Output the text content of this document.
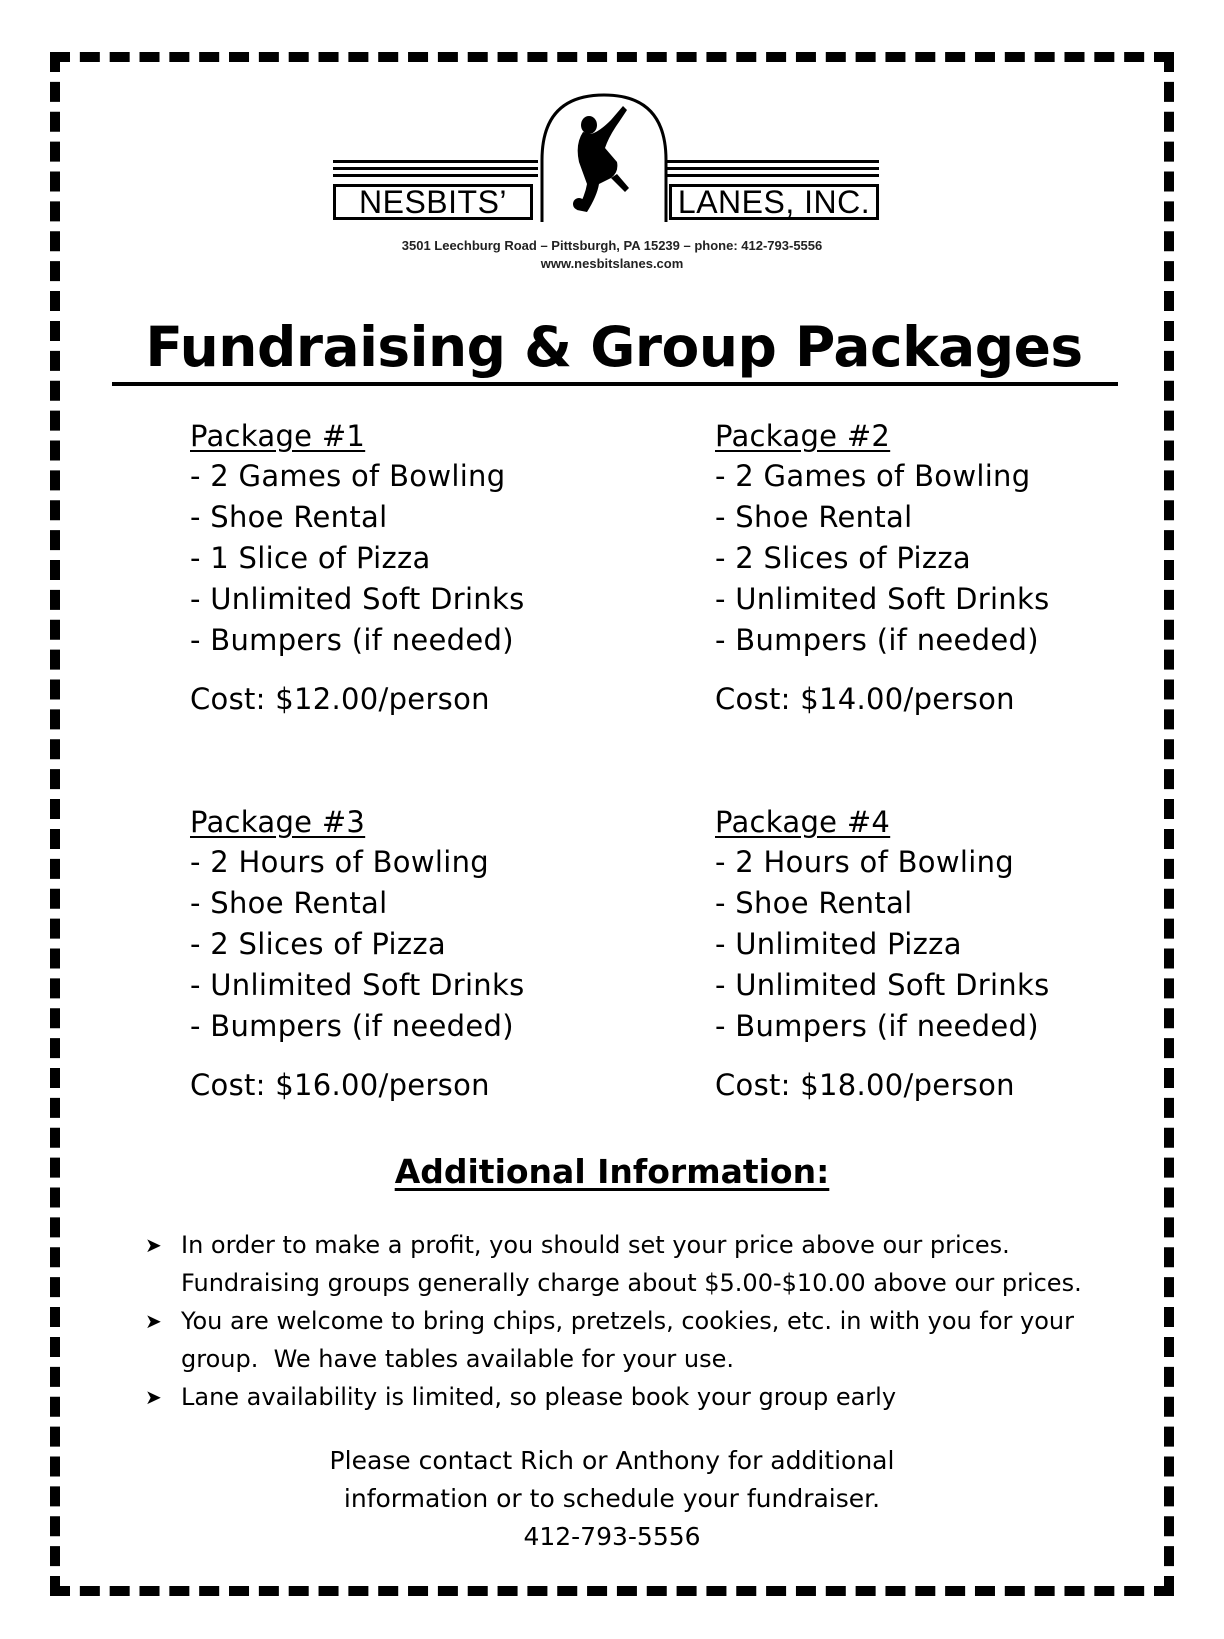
NESBITS’	LANES, INC.
3501 Leechburg Road – Pittsburgh, PA 15239 – phone: 412-793-5556
www.nesbitslanes.com
Fundraising & Group Packages
Package #1
- 2 Games of Bowling
- Shoe Rental
- 1 Slice of Pizza
- Unlimited Soft Drinks
- Bumpers (if needed)
Cost: $12.00/person
Package #2
- 2 Games of Bowling
- Shoe Rental
- 2 Slices of Pizza
- Unlimited Soft Drinks
- Bumpers (if needed)
Cost: $14.00/person
Package #3
- 2 Hours of Bowling
- Shoe Rental
- 2 Slices of Pizza
- Unlimited Soft Drinks
- Bumpers (if needed)
Cost: $16.00/person
Package #4
- 2 Hours of Bowling
- Shoe Rental
- Unlimited Pizza
- Unlimited Soft Drinks
- Bumpers (if needed)
Cost: $18.00/person
Additional Information:
➤ In order to make a profit, you should set your price above our prices.
Fundraising groups generally charge about $5.00-$10.00 above our prices.
➤ You are welcome to bring chips, pretzels, cookies, etc. in with you for your
group.  We have tables available for your use.
➤ Lane availability is limited, so please book your group early
Please contact Rich or Anthony for additional
information or to schedule your fundraiser.
412-793-5556
